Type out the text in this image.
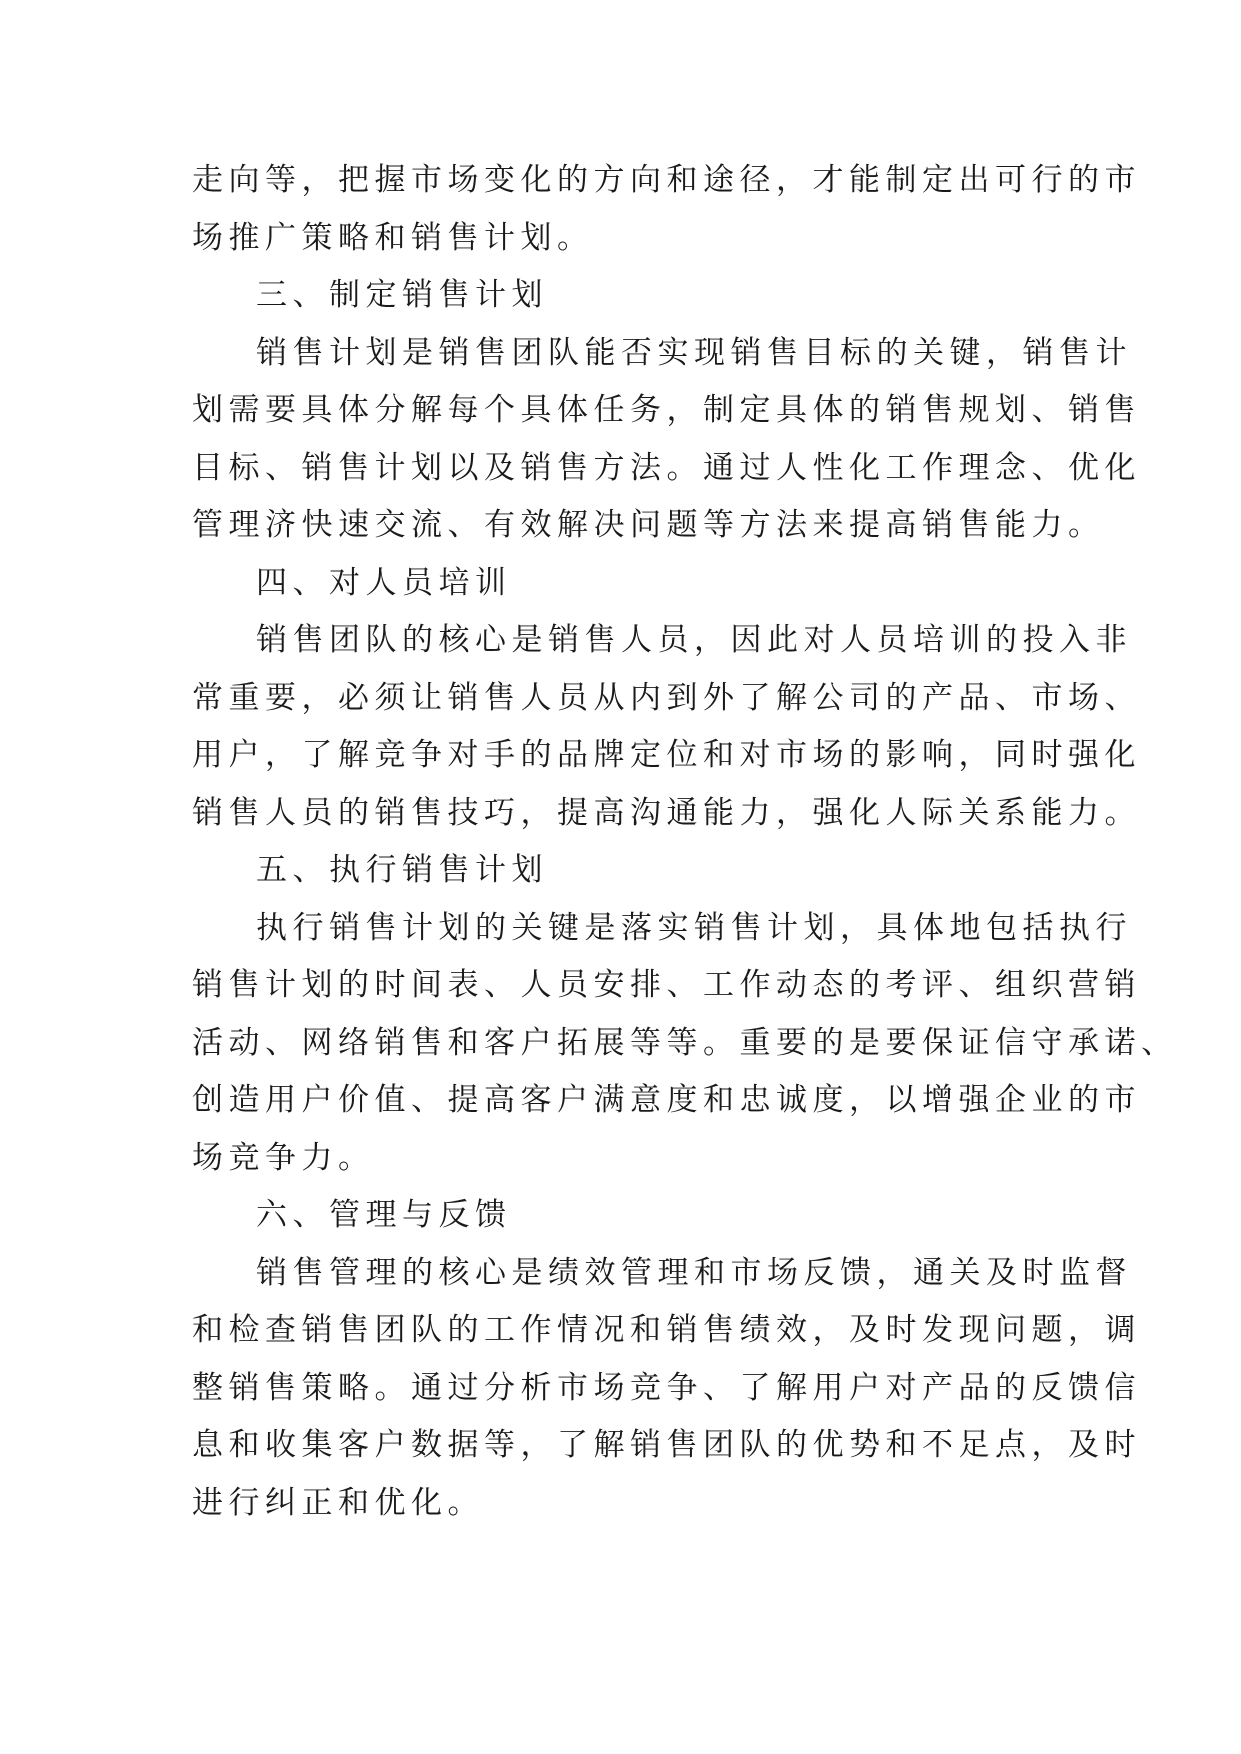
走向等，把握市场变化的方向和途径，才能制定出可行的市
场推广策略和销售计划。
三、制定销售计划
销售计划是销售团队能否实现销售目标的关键，销售计
划需要具体分解每个具体任务，制定具体的销售规划、销售
目标、销售计划以及销售方法。通过人性化工作理念、优化
管理济快速交流、有效解决问题等方法来提高销售能力。
四、对人员培训
销售团队的核心是销售人员，因此对人员培训的投入非
常重要，必须让销售人员从内到外了解公司的产品、市场、
用户，了解竞争对手的品牌定位和对市场的影响，同时强化
销售人员的销售技巧，提高沟通能力，强化人际关系能力。
五、执行销售计划
执行销售计划的关键是落实销售计划，具体地包括执行
销售计划的时间表、人员安排、工作动态的考评、组织营销
活动、网络销售和客户拓展等等。重要的是要保证信守承诺、
创造用户价值、提高客户满意度和忠诚度，以增强企业的市
场竞争力。
六、管理与反馈
销售管理的核心是绩效管理和市场反馈，通关及时监督
和检查销售团队的工作情况和销售绩效，及时发现问题，调
整销售策略。通过分析市场竞争、了解用户对产品的反馈信
息和收集客户数据等，了解销售团队的优势和不足点，及时
进行纠正和优化。
